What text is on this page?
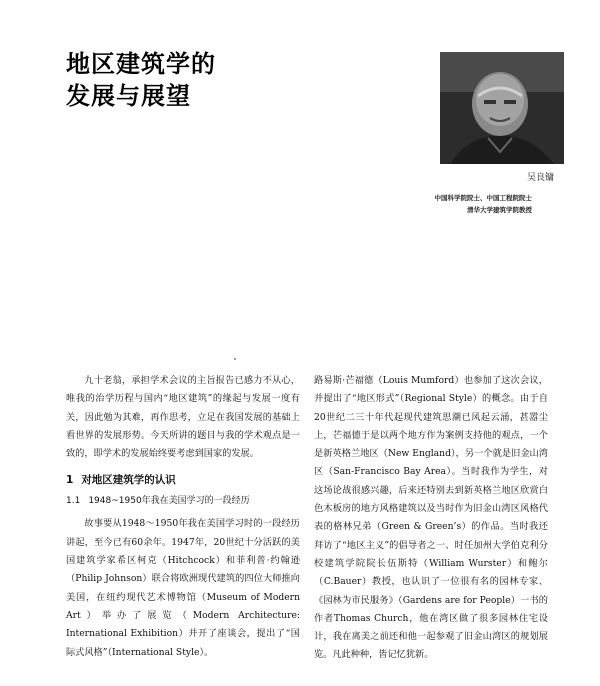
地区建筑学的
发展与展望
吴良镛
中国科学院院士、中国工程院院士
清华大学建筑学院教授

九十老翁，承担学术会议的主旨报告已感力不从心，唯我的治学历程与国内“地区建筑”的缘起与发展一度有关，因此勉为其难，再作思考，立足在我国发展的基础上看世界的发展形势。今天所讲的题目与我的学术观点是一致的，即学术的发展始终要考虑到国家的发展。

1 对地区建筑学的认识
1.1 1948~1950年我在美国学习的一段经历

故事要从1948～1950年我在美国学习时的一段经历讲起，至今已有60余年。1947年，20世纪十分活跃的美国建筑学家希区柯克（Hitchcock）和菲利普·约翰逊（Philip Johnson）联合将欧洲现代建筑的四位大师推向美国，在纽约现代艺术博物馆（Museum of Modern Art）举办了展览（Modern Architecture: International Exhibition）并开了座谈会，提出了“国际式风格”（International Style）。

路易斯·芒福德（Louis Mumford）也参加了这次会议，并提出了“地区形式”（Regional Style）的概念。由于自20世纪二三十年代起现代建筑思潮已风起云涌，甚嚣尘上，芒福德于是以两个地方作为案例支持他的观点，一个是新英格兰地区（New England），另一个就是旧金山湾区（San-Francisco Bay Area）。当时我作为学生，对这场论战很感兴趣，后来还特别去到新英格兰地区欣赏白色木板房的地方风格建筑以及当时作为旧金山湾区风格代表的格林兄弟（Green & Green’s）的作品。当时我还拜访了“地区主义”的倡导者之一、时任加州大学伯克利分校建筑学院院长伍斯特（William Wurster）和鲍尔（C.Bauer）教授，也认识了一位很有名的园林专家、《园林为市民服务》（Gardens are for People）一书的作者Thomas Church，他在湾区做了很多园林住宅设计，我在离美之前还和他一起参观了旧金山湾区的规划展览。凡此种种，皆记忆犹新。
